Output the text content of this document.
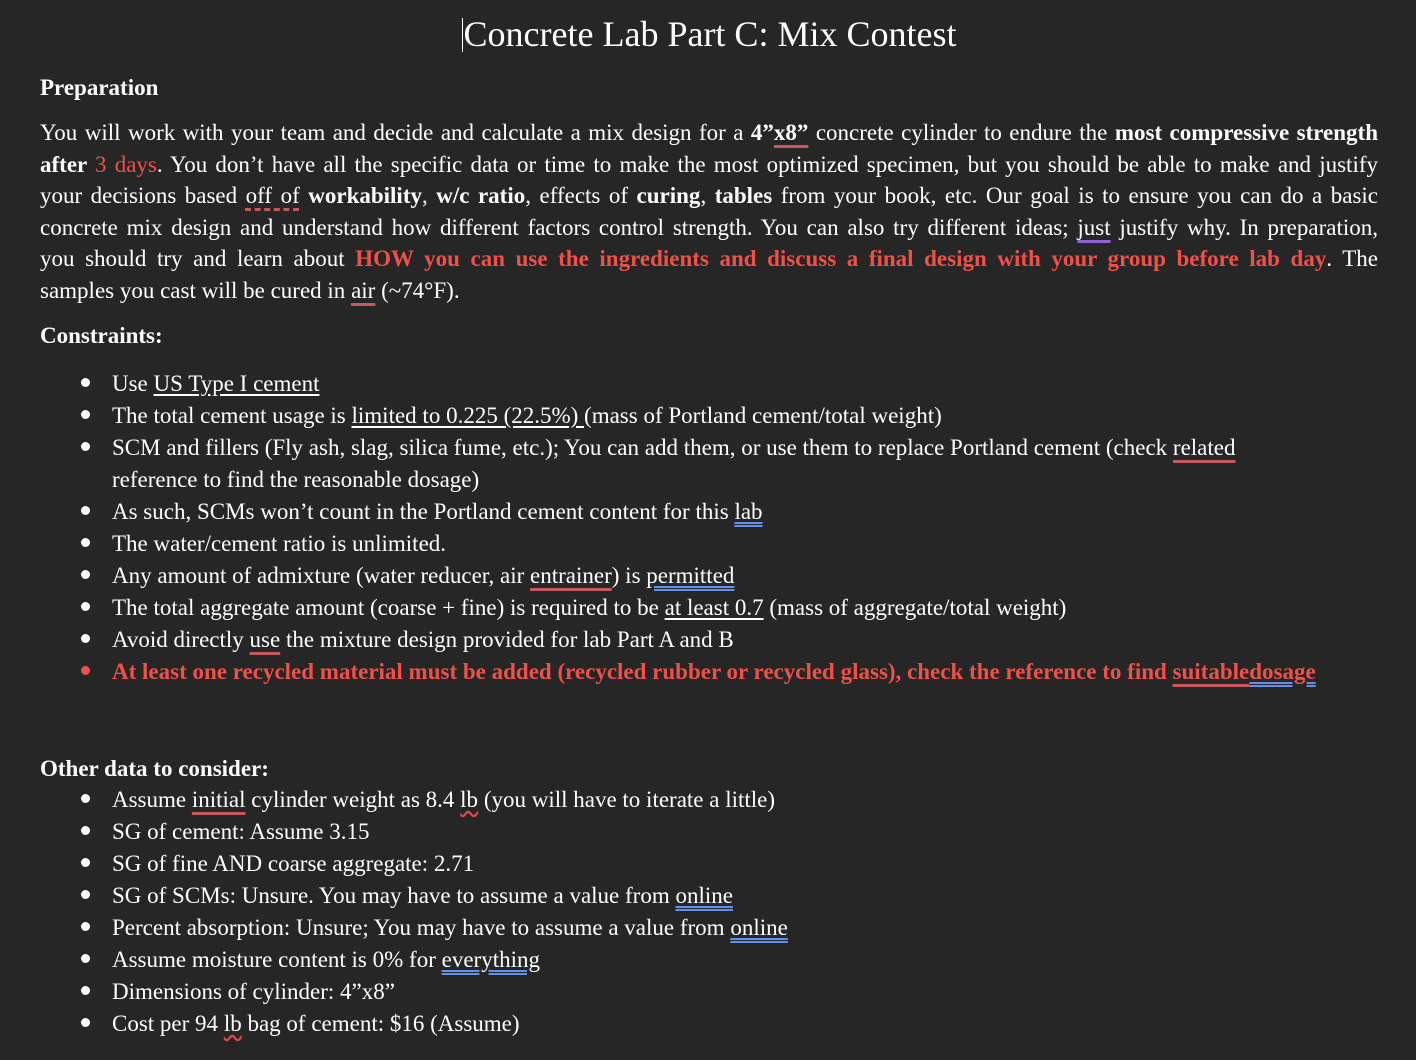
Concrete Lab Part C: Mix Contest
Preparation
You will work with your team and decide and calculate a mix design for a 4”x8” concrete cylinder to endure the most compressive strength
after 3 days. You don’t have all the specific data or time to make the most optimized specimen, but you should be able to make and justify
your decisions based off of workability, w/c ratio, effects of curing, tables from your book, etc. Our goal is to ensure you can do a basic
concrete mix design and understand how different factors control strength. You can also try different ideas; just justify why. In preparation,
you should try and learn about HOW you can use the ingredients and discuss a final design with your group before lab day. The
samples you cast will be cured in air (~74°F).
Constraints:
Use US Type I cement
The total cement usage is limited to 0.225 (22.5%) (mass of Portland cement/total weight)
SCM and fillers (Fly ash, slag, silica fume, etc.); You can add them, or use them to replace Portland cement (check related
reference to find the reasonable dosage)
As such, SCMs won’t count in the Portland cement content for this lab
The water/cement ratio is unlimited.
Any amount of admixture (water reducer, air entrainer) is permitted
The total aggregate amount (coarse + fine) is required to be at least 0.7 (mass of aggregate/total weight)
Avoid directly use the mixture design provided for lab Part A and B
At least one recycled material must be added (recycled rubber or recycled glass), check the reference to find suitabledosage
Other data to consider:
Assume initial cylinder weight as 8.4 lb (you will have to iterate a little)
SG of cement: Assume 3.15
SG of fine AND coarse aggregate: 2.71
SG of SCMs: Unsure. You may have to assume a value from online
Percent absorption: Unsure; You may have to assume a value from online
Assume moisture content is 0% for everything
Dimensions of cylinder: 4”x8”
Cost per 94 lb bag of cement: $16 (Assume)
